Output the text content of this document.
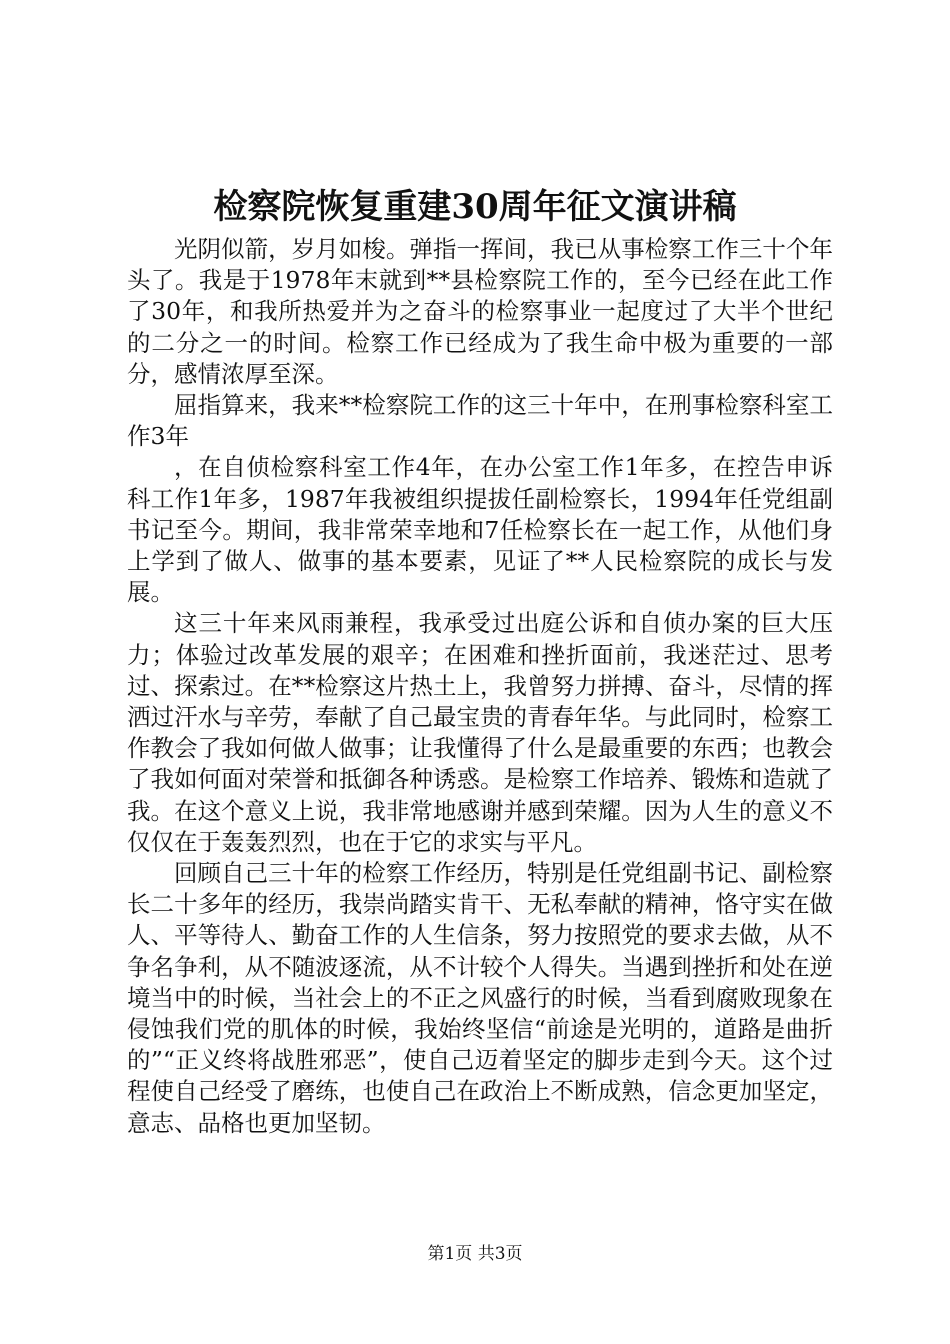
检察院恢复重建30周年征文演讲稿

光阴似箭，岁月如梭。弹指一挥间，我已从事检察工作三十个年头了。我是于1978年末就到**县检察院工作的，至今已经在此工作了30年，和我所热爱并为之奋斗的检察事业一起度过了大半个世纪的二分之一的时间。检察工作已经成为了我生命中极为重要的一部分，感情浓厚至深。

屈指算来，我来**检察院工作的这三十年中，在刑事检察科室工作3年

，在自侦检察科室工作4年，在办公室工作1年多，在控告申诉科工作1年多，1987年我被组织提拔任副检察长，1994年任党组副书记至今。期间，我非常荣幸地和7任检察长在一起工作，从他们身上学到了做人、做事的基本要素，见证了**人民检察院的成长与发展。

这三十年来风雨兼程，我承受过出庭公诉和自侦办案的巨大压力；体验过改革发展的艰辛；在困难和挫折面前，我迷茫过、思考过、探索过。在**检察这片热土上，我曾努力拼搏、奋斗，尽情的挥洒过汗水与辛劳，奉献了自己最宝贵的青春年华。与此同时，检察工作教会了我如何做人做事；让我懂得了什么是最重要的东西；也教会了我如何面对荣誉和抵御各种诱惑。是检察工作培养、锻炼和造就了我。在这个意义上说，我非常地感谢并感到荣耀。因为人生的意义不仅仅在于轰轰烈烈，也在于它的求实与平凡。

回顾自己三十年的检察工作经历，特别是任党组副书记、副检察长二十多年的经历，我崇尚踏实肯干、无私奉献的精神，恪守实在做人、平等待人、勤奋工作的人生信条，努力按照党的要求去做，从不争名争利，从不随波逐流，从不计较个人得失。当遇到挫折和处在逆境当中的时候，当社会上的不正之风盛行的时候，当看到腐败现象在侵蚀我们党的肌体的时候，我始终坚信“前途是光明的，道路是曲折的”“正义终将战胜邪恶”，使自己迈着坚定的脚步走到今天。这个过程使自己经受了磨练，也使自己在政治上不断成熟，信念更加坚定，意志、品格也更加坚韧。

第1页 共3页
